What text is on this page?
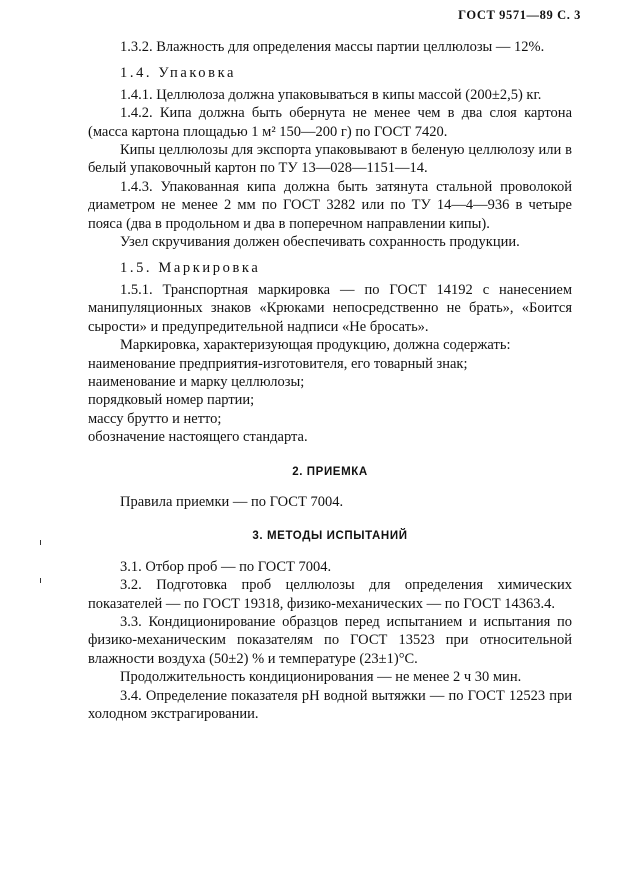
ГОСТ 9571—89 С. 3

1.3.2. Влажность для определения массы партии целлюлозы — 12%.

1.4. Упаковка

1.4.1. Целлюлоза должна упаковываться в кипы массой (200±2,5) кг.

1.4.2. Кипа должна быть обернута не менее чем в два слоя картона (масса картона площадью 1 м² 150—200 г) по ГОСТ 7420.

Кипы целлюлозы для экспорта упаковывают в беленую целлюлозу или в белый упаковочный картон по ТУ 13—028—1151—14.

1.4.3. Упакованная кипа должна быть затянута стальной проволокой диаметром не менее 2 мм по ГОСТ 3282 или по ТУ 14—4—936 в четыре пояса (два в продольном и два в поперечном направлении кипы).

Узел скручивания должен обеспечивать сохранность продукции.

1.5. Маркировка

1.5.1. Транспортная маркировка — по ГОСТ 14192 с нанесением манипуляционных знаков «Крюками непосредственно не брать», «Боится сырости» и предупредительной надписи «Не бросать».

Маркировка, характеризующая продукцию, должна содержать:

наименование предприятия-изготовителя, его товарный знак;

наименование и марку целлюлозы;

порядковый номер партии;

массу брутто и нетто;

обозначение настоящего стандарта.

2. ПРИЕМКА

Правила приемки — по ГОСТ 7004.

3. МЕТОДЫ ИСПЫТАНИЙ

3.1. Отбор проб — по ГОСТ 7004.

3.2. Подготовка проб целлюлозы для определения химических показателей — по ГОСТ 19318, физико-механических — по ГОСТ 14363.4.

3.3. Кондиционирование образцов перед испытанием и испытания по физико-механическим показателям по ГОСТ 13523 при относительной влажности воздуха (50±2) % и температуре (23±1)°С.

Продолжительность кондиционирования — не менее 2 ч 30 мин.

3.4. Определение показателя рН водной вытяжки — по ГОСТ 12523 при холодном экстрагировании.
